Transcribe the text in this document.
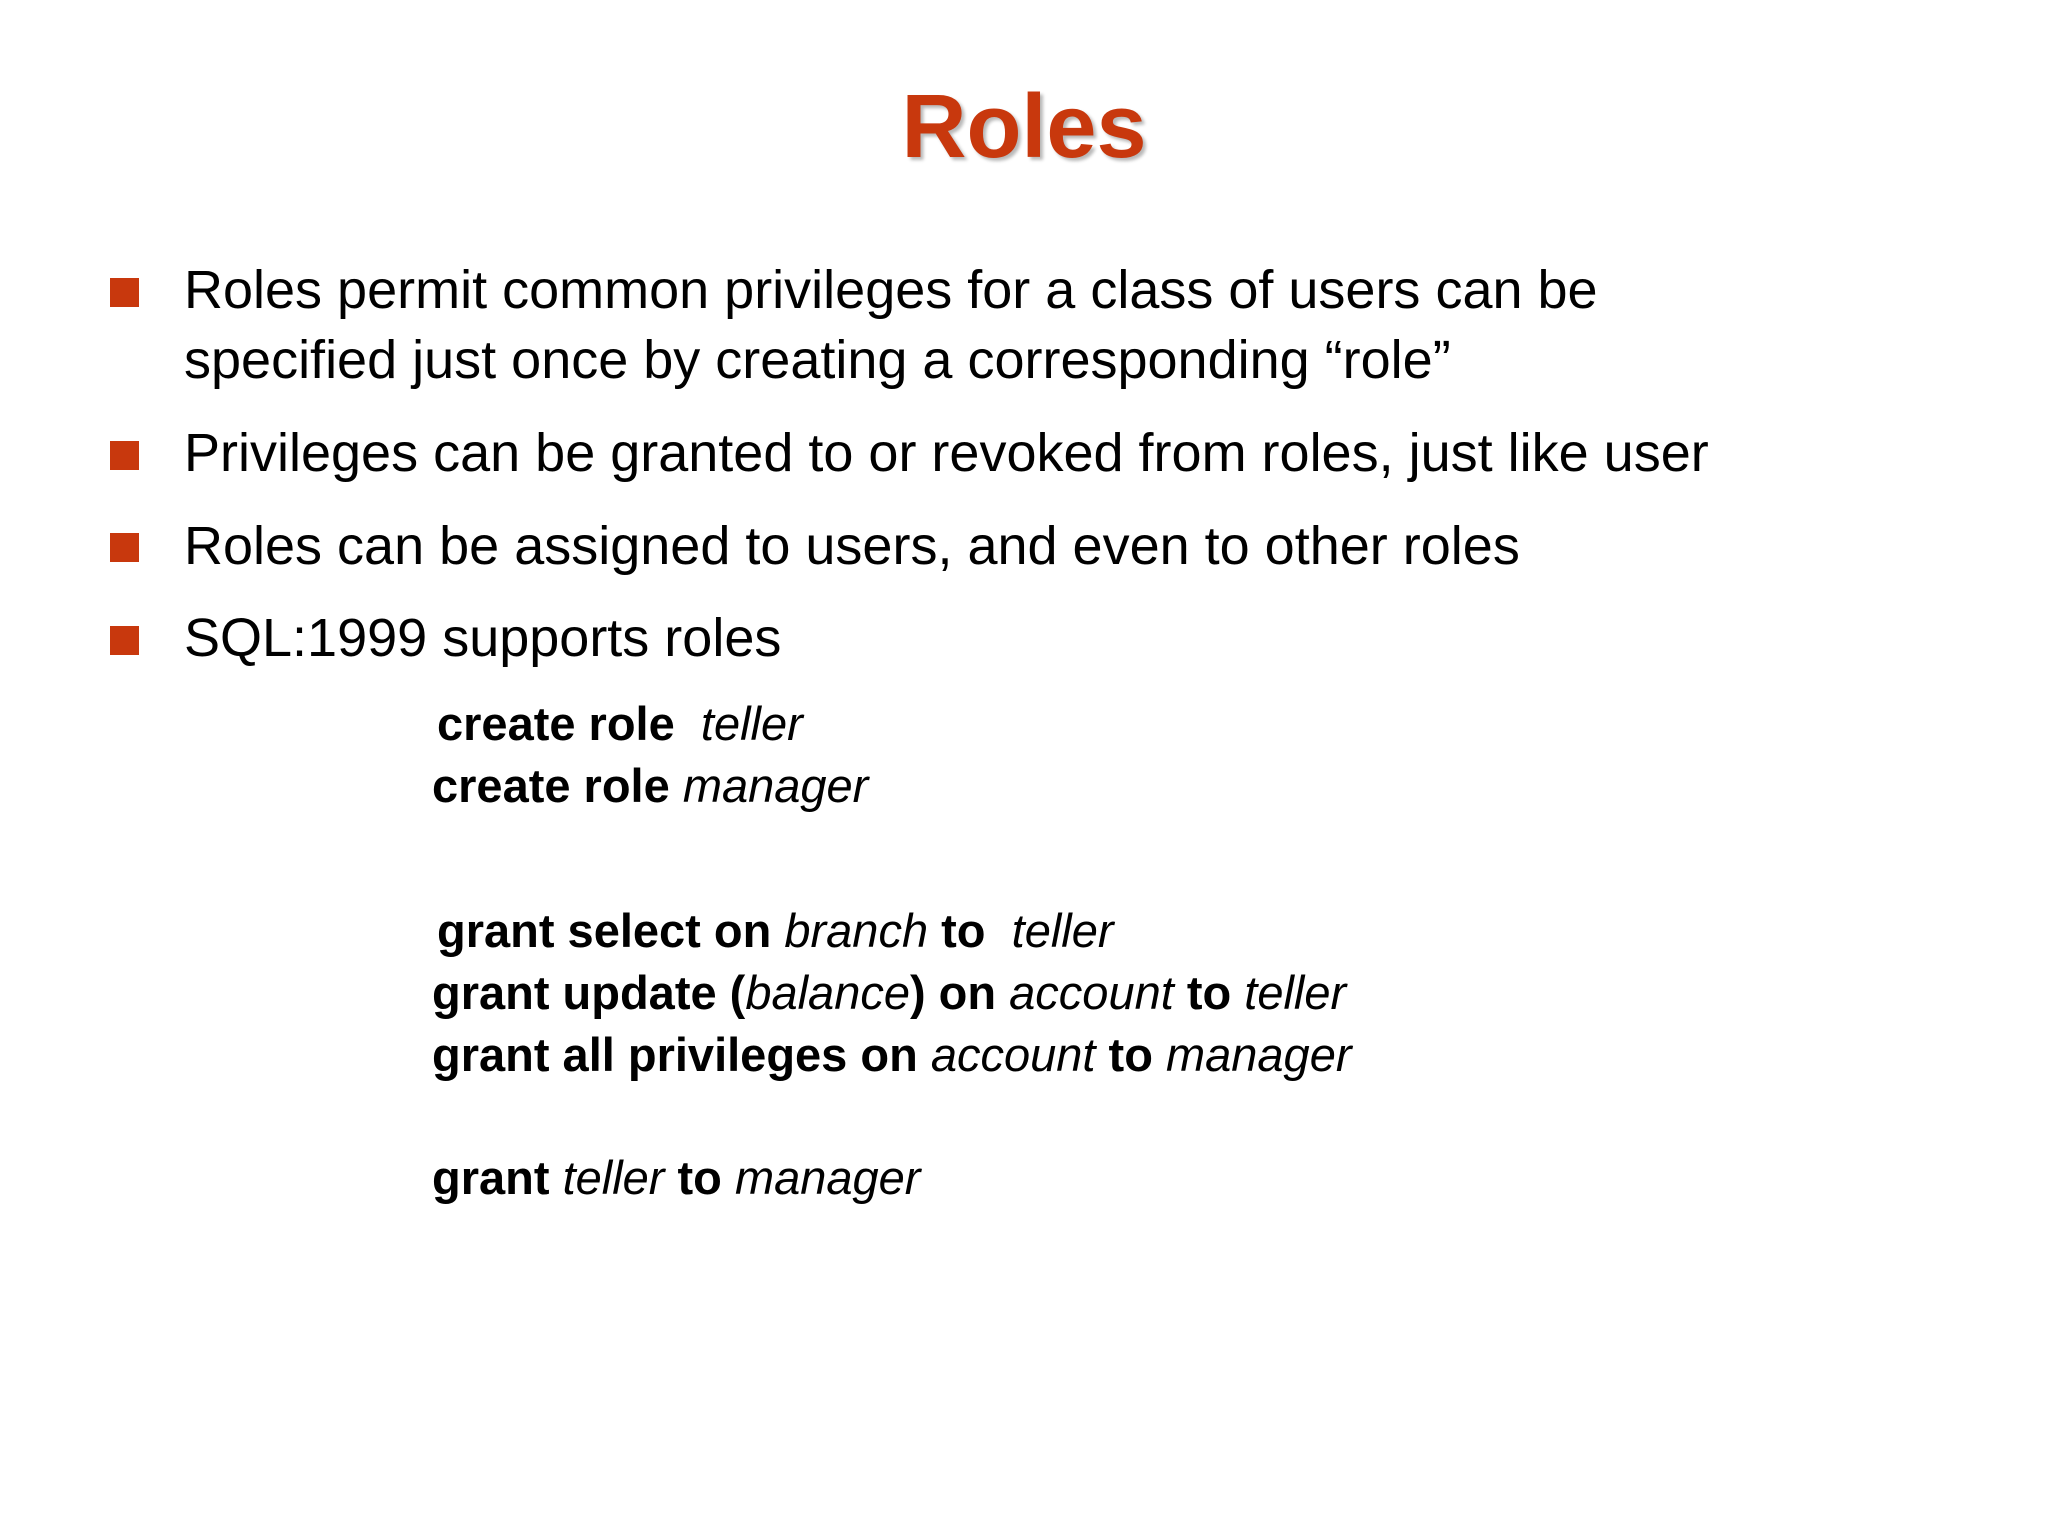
Roles
Roles permit common privileges for a class of users can be
specified just once by creating a corresponding “role”
Privileges can be granted to or revoked from roles, just like user
Roles can be assigned to users, and even to other roles
SQL:1999 supports roles
create role teller
create role manager
grant select on branch to teller
grant update (balance) on account to teller
grant all privileges on account to manager
grant teller to manager
